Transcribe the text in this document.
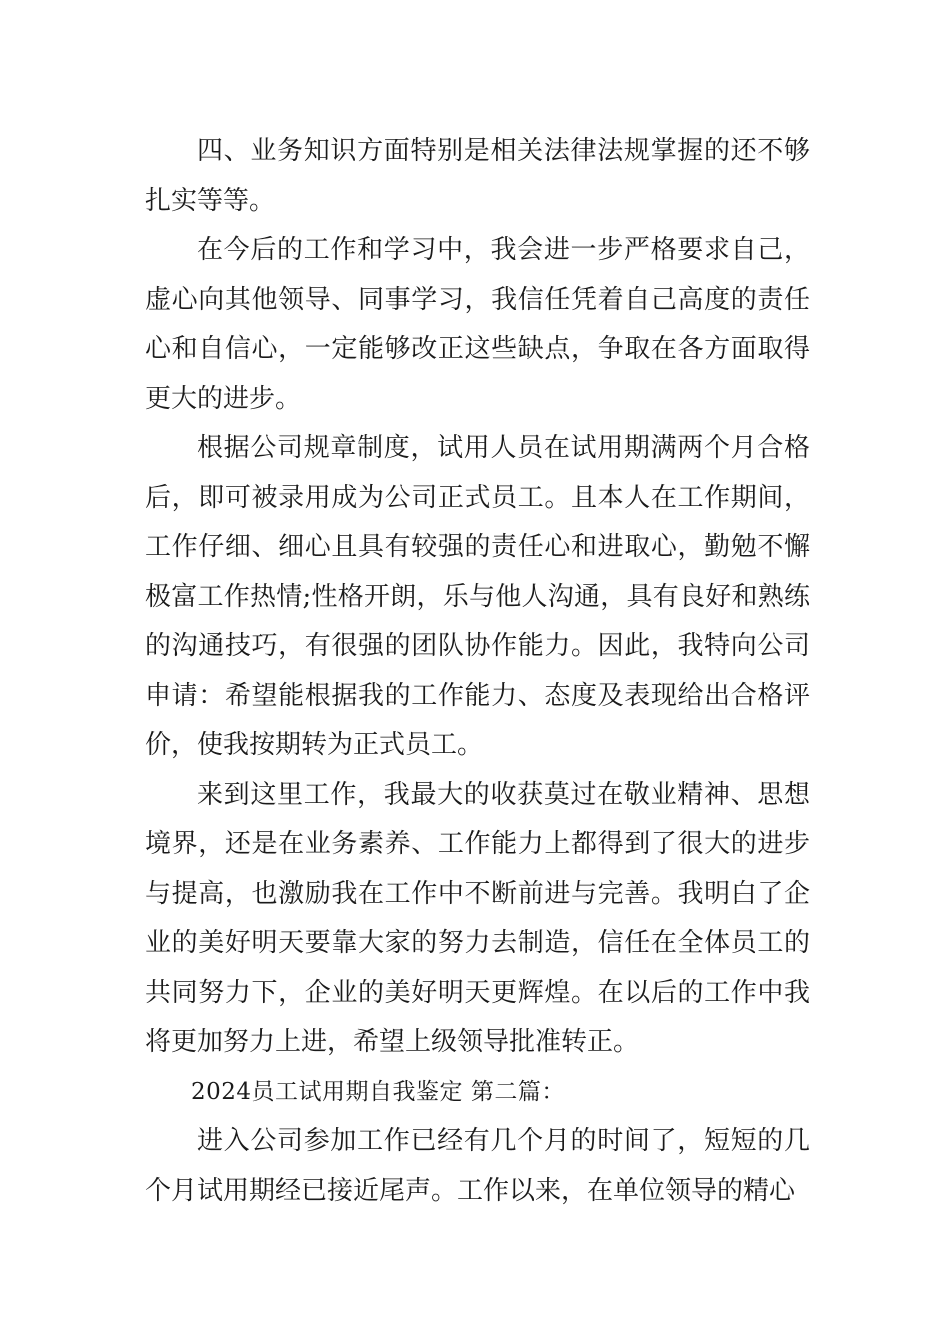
四、业务知识方面特别是相关法律法规掌握的还不够扎实等等。

在今后的工作和学习中，我会进一步严格要求自己，虚心向其他领导、同事学习，我信任凭着自己高度的责任心和自信心，一定能够改正这些缺点，争取在各方面取得更大的进步。

根据公司规章制度，试用人员在试用期满两个月合格后，即可被录用成为公司正式员工。且本人在工作期间，工作仔细、细心且具有较强的责任心和进取心，勤勉不懈极富工作热情;性格开朗，乐与他人沟通，具有良好和熟练的沟通技巧，有很强的团队协作能力。因此，我特向公司申请：希望能根据我的工作能力、态度及表现给出合格评价，使我按期转为正式员工。

来到这里工作，我最大的收获莫过在敬业精神、思想境界，还是在业务素养、工作能力上都得到了很大的进步与提高，也激励我在工作中不断前进与完善。我明白了企业的美好明天要靠大家的努力去制造，信任在全体员工的共同努力下，企业的美好明天更辉煌。在以后的工作中我将更加努力上进，希望上级领导批准转正。

2024员工试用期自我鉴定 第二篇：

进入公司参加工作已经有几个月的时间了，短短的几个月试用期经已接近尾声。工作以来，在单位领导的精心
